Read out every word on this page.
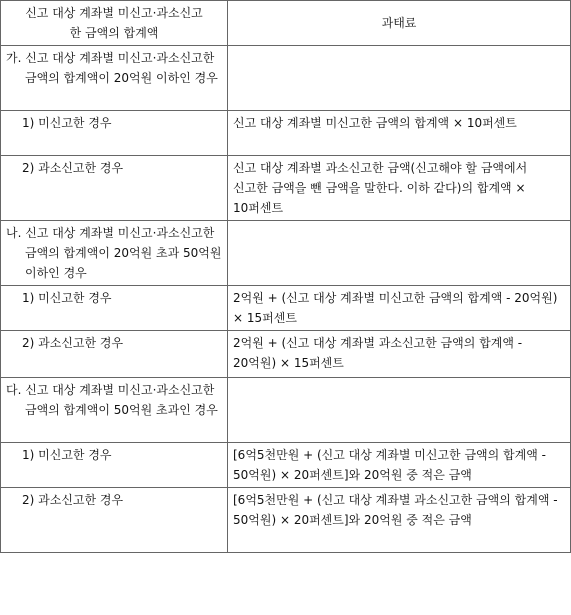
신고 대상 계좌별 미신고·과소신고
한 금액의 합계액	과태료

가. 신고 대상 계좌별 미신고·과소신고한 금액의 합계액이 20억원 이하인 경우	

1) 미신고한 경우	신고 대상 계좌별 미신고한 금액의 합계액 × 10퍼센트

2) 과소신고한 경우	신고 대상 계좌별 과소신고한 금액(신고해야 할 금액에서 신고한 금액을 뺀 금액을 말한다. 이하 같다)의 합계액 × 10퍼센트

나. 신고 대상 계좌별 미신고·과소신고한 금액의 합계액이 20억원 초과 50억원 이하인 경우	

1) 미신고한 경우	2억원 + (신고 대상 계좌별 미신고한 금액의 합계액 - 20억원) × 15퍼센트

2) 과소신고한 경우	2억원 + (신고 대상 계좌별 과소신고한 금액의 합계액 - 20억원) × 15퍼센트

다. 신고 대상 계좌별 미신고·과소신고한 금액의 합계액이 50억원 초과인 경우	

1) 미신고한 경우	[6억5천만원 + (신고 대상 계좌별 미신고한 금액의 합계액 - 50억원) × 20퍼센트]와 20억원 중 적은 금액

2) 과소신고한 경우	[6억5천만원 + (신고 대상 계좌별 과소신고한 금액의 합계액 - 50억원) × 20퍼센트]와 20억원 중 적은 금액
